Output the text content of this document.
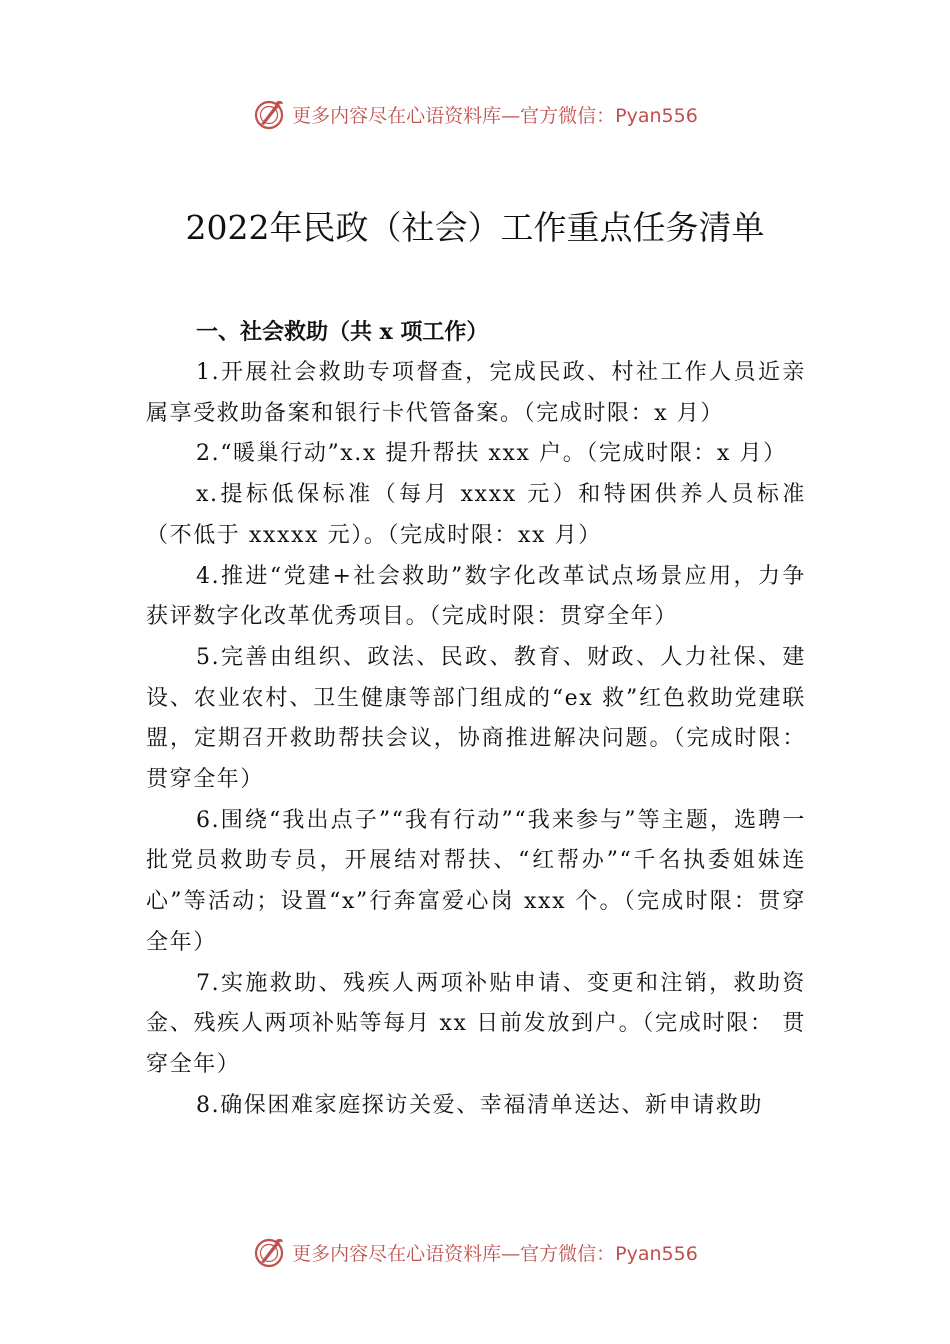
更多内容尽在心语资料库—官方微信：Pyan556
2022年民政（社会）工作重点任务清单
一、社会救助（共 x 项工作）
1.开展社会救助专项督查，完成民政、村社工作人员近亲属享受救助备案和银行卡代管备案。（完成时限：x 月）
2.“暖巢行动”x.x 提升帮扶 xxx 户。（完成时限：x 月）
x.提标低保标准（每月 xxxx 元）和特困供养人员标准（不低于 xxxxx 元）。（完成时限：xx 月）
4.推进“党建+社会救助”数字化改革试点场景应用，力争获评数字化改革优秀项目。（完成时限：贯穿全年）
5.完善由组织、政法、民政、教育、财政、人力社保、建设、农业农村、卫生健康等部门组成的“ex 救”红色救助党建联盟，定期召开救助帮扶会议，协商推进解决问题。（完成时限：贯穿全年）
6.围绕“我出点子”“我有行动”“我来参与”等主题，选聘一批党员救助专员，开展结对帮扶、“红帮办”“千名执委姐妹连心”等活动；设置“x”行奔富爱心岗 xxx 个。（完成时限：贯穿全年）
7.实施救助、残疾人两项补贴申请、变更和注销，救助资金、残疾人两项补贴等每月 xx 日前发放到户。（完成时限： 贯穿全年）
8.确保困难家庭探访关爱、幸福清单送达、新申请救助
更多内容尽在心语资料库—官方微信：Pyan556
